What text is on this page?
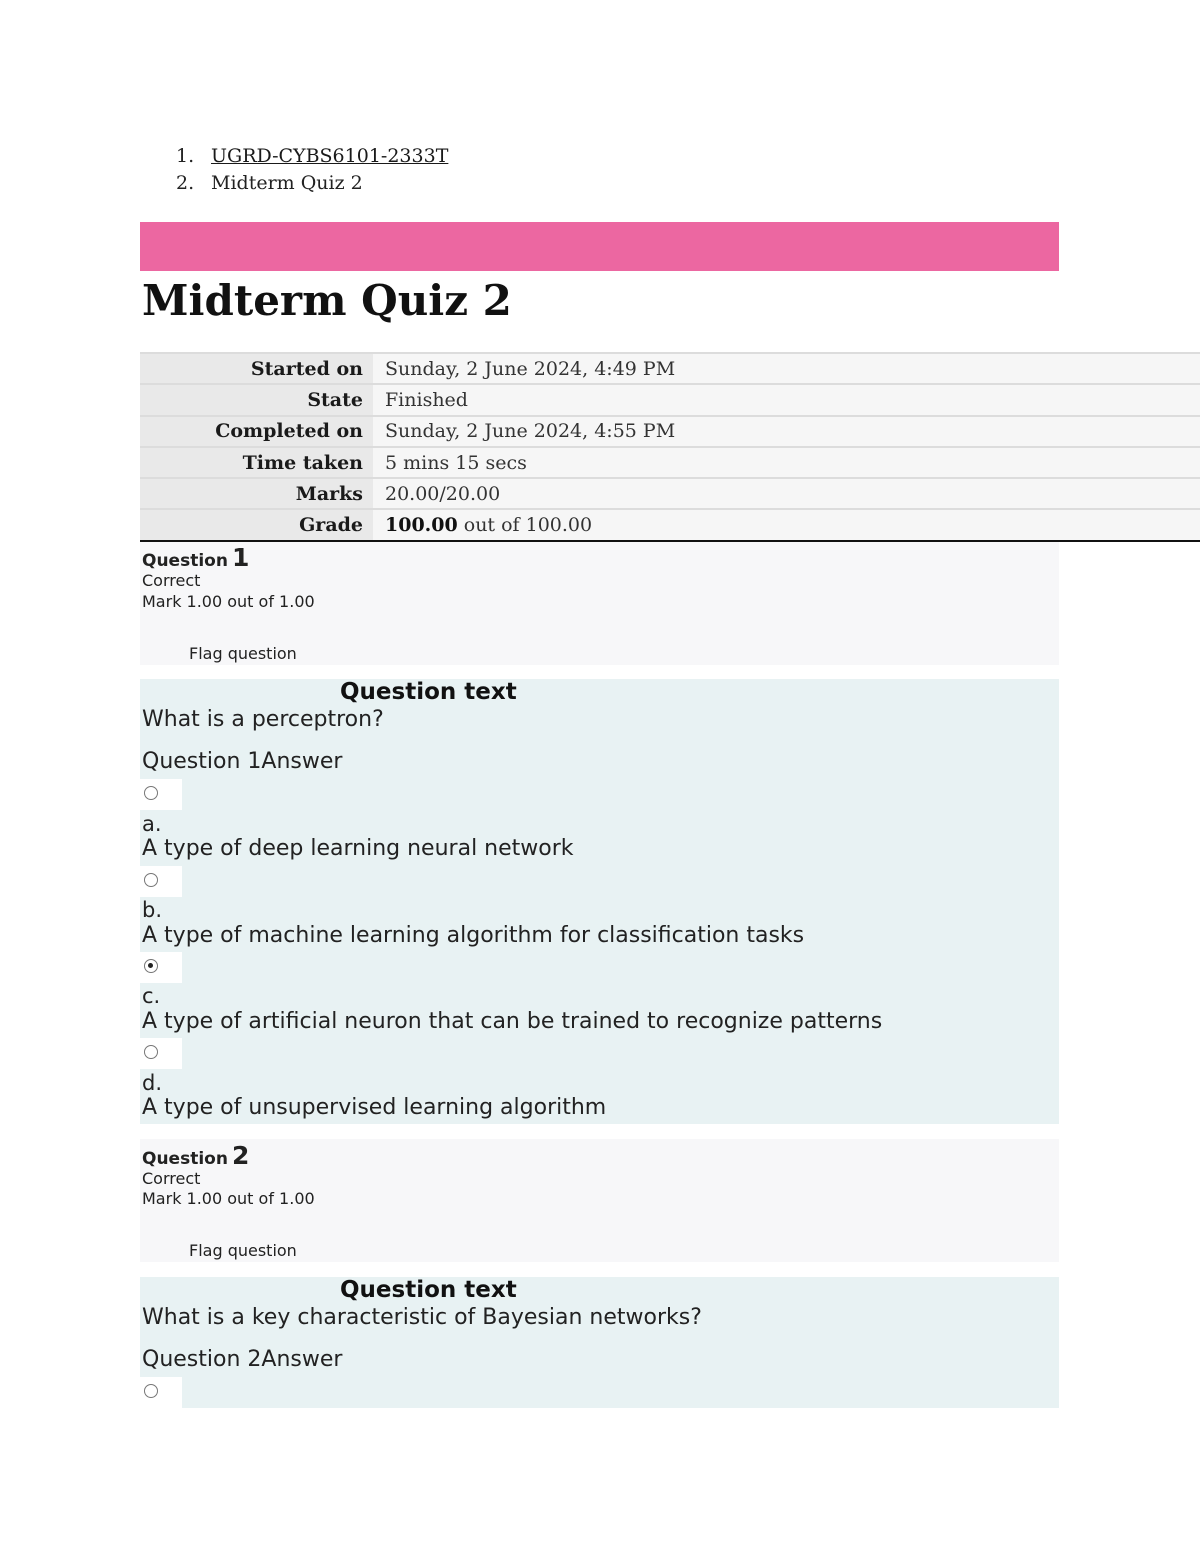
1. UGRD-CYBS6101-2333T
2. Midterm Quiz 2
Midterm Quiz 2
Started on	Sunday, 2 June 2024, 4:49 PM
State	Finished
Completed on	Sunday, 2 June 2024, 4:55 PM
Time taken	5 mins 15 secs
Marks	20.00/20.00
Grade	100.00 out of 100.00
Question 1
Correct
Mark 1.00 out of 1.00
Flag question
Question text
What is a perceptron?
Question 1Answer
a.
A type of deep learning neural network
b.
A type of machine learning algorithm for classification tasks
c.
A type of artificial neuron that can be trained to recognize patterns
d.
A type of unsupervised learning algorithm
Question 2
Correct
Mark 1.00 out of 1.00
Flag question
Question text
What is a key characteristic of Bayesian networks?
Question 2Answer
